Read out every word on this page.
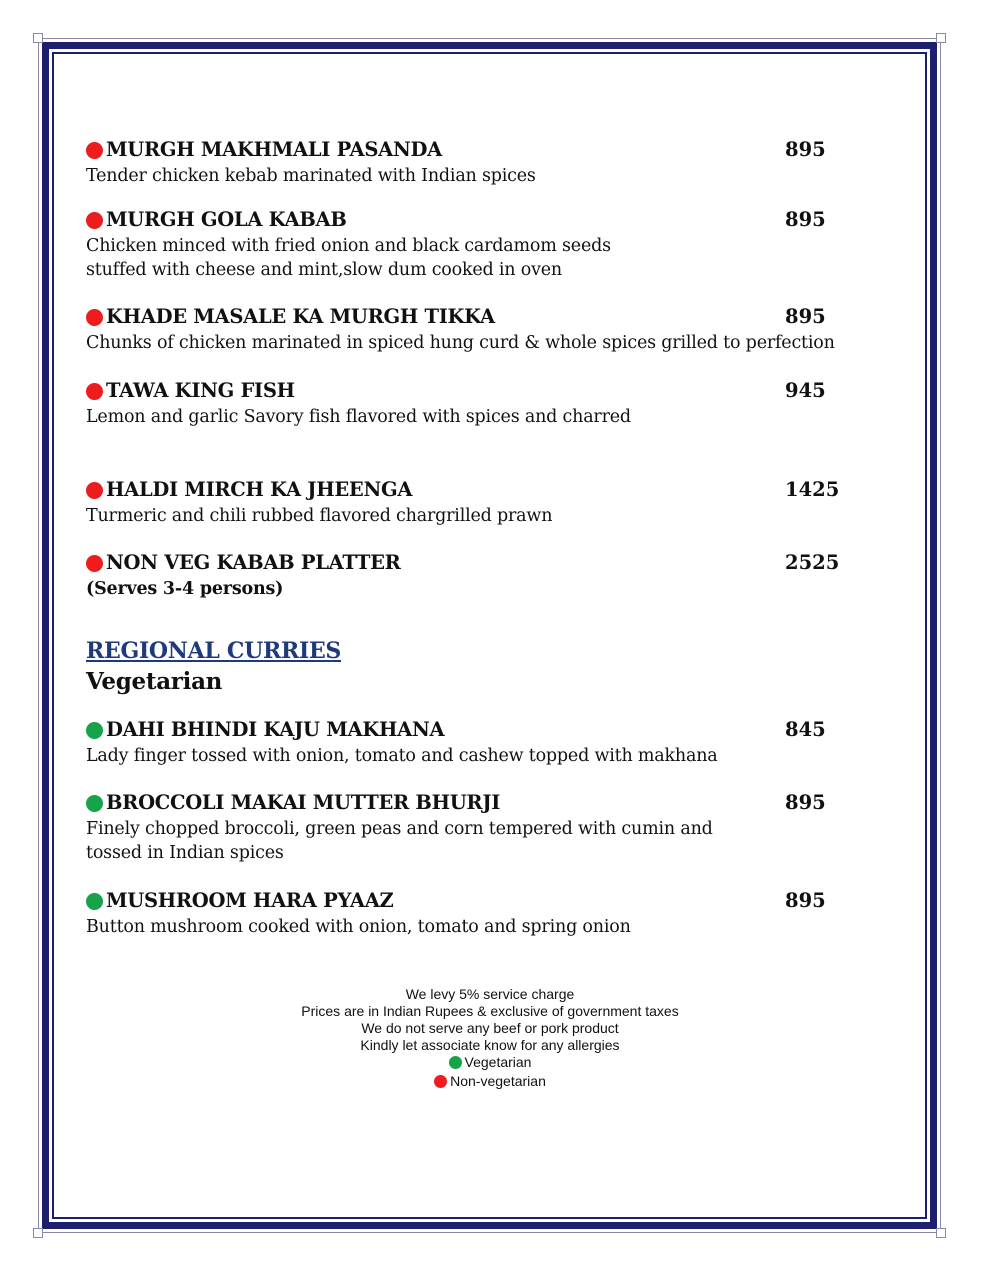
MURGH MAKHMALI PASANDA	895
Tender chicken kebab marinated with Indian spices
MURGH GOLA KABAB	895
Chicken minced with fried onion and black cardamom seeds
stuffed with cheese and mint,slow dum cooked in oven
KHADE MASALE KA MURGH TIKKA	895
Chunks of chicken marinated in spiced hung curd & whole spices grilled to perfection
TAWA KING FISH	945
Lemon and garlic Savory fish flavored with spices and charred
HALDI MIRCH KA JHEENGA	1425
Turmeric and chili rubbed flavored chargrilled prawn
NON VEG KABAB PLATTER	2525
(Serves 3-4 persons)
REGIONAL CURRIES
Vegetarian
DAHI BHINDI KAJU MAKHANA	845
Lady finger tossed with onion, tomato and cashew topped with makhana
BROCCOLI MAKAI MUTTER BHURJI	895
Finely chopped broccoli, green peas and corn tempered with cumin and
tossed in Indian spices
MUSHROOM HARA PYAAZ	895
Button mushroom cooked with onion, tomato and spring onion
We levy 5% service charge
Prices are in Indian Rupees & exclusive of government taxes
We do not serve any beef or pork product
Kindly let associate know for any allergies
Vegetarian
Non-vegetarian
